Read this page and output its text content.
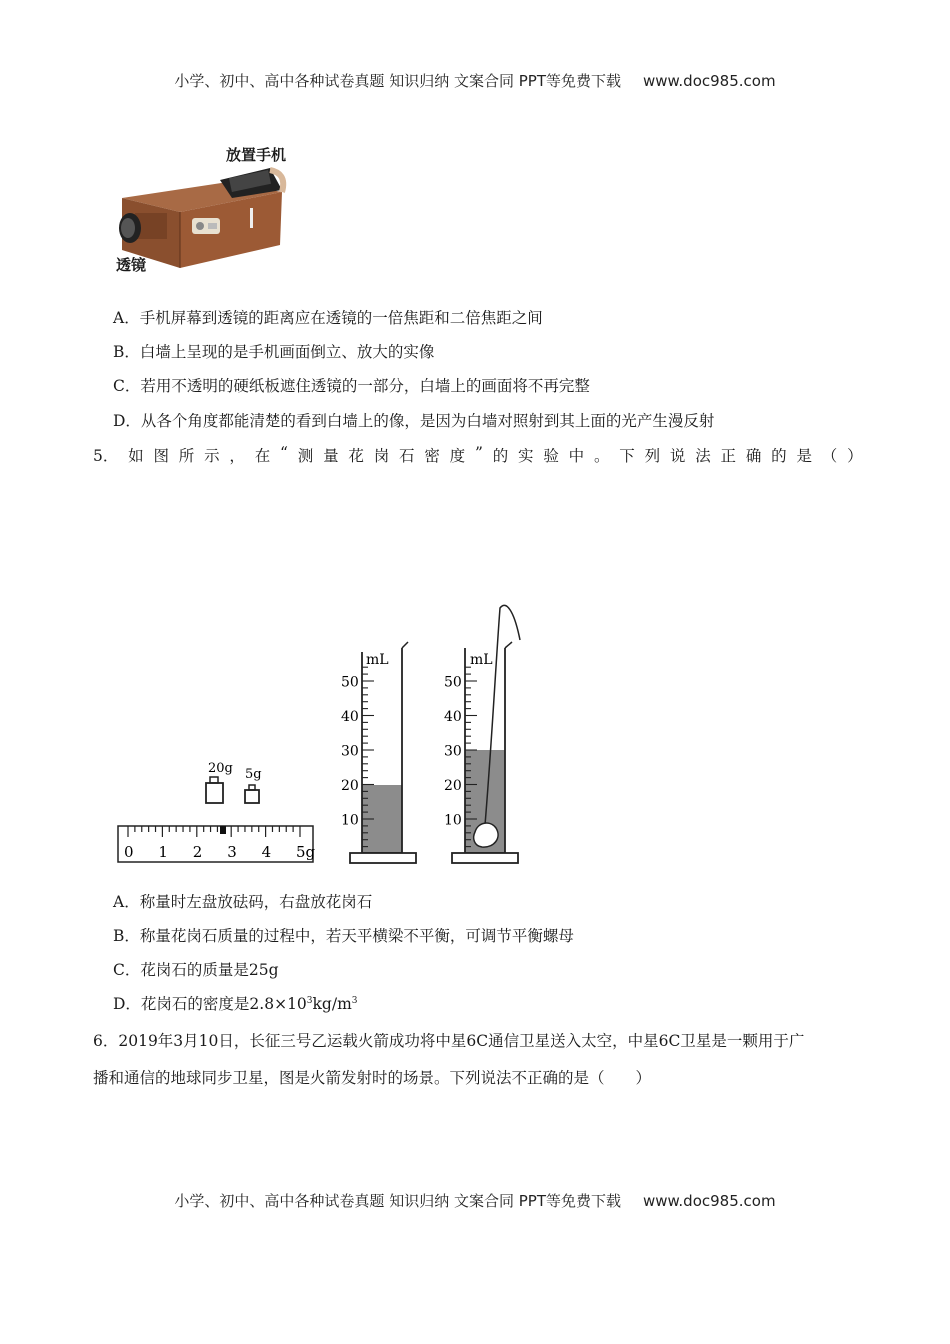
小学、初中、高中各种试卷真题 知识归纳 文案合同 PPT等免费下载 www.doc985.com
放置手机
透镜
A．手机屏幕到透镜的距离应在透镜的一倍焦距和二倍焦距之间
B．白墙上呈现的是手机画面倒立、放大的实像
C．若用不透明的硬纸板遮住透镜的一部分，白墙上的画面将不再完整
D．从各个角度都能清楚的看到白墙上的像，是因为白墙对照射到其上面的光产生漫反射
5． 如 图 所 示 ， 在 “ 测 量 花 岗 石 密 度 ” 的 实 验 中 。 下 列 说 法 正 确 的 是 （ ）
20g 5g
0 1 2 3 4 5g
mL
50
40
30
20
10
mL
50
40
30
20
10
A．称量时左盘放砝码，右盘放花岗石
B．称量花岗石质量的过程中，若天平横梁不平衡，可调节平衡螺母
C．花岗石的质量是25g
D．花岗石的密度是$2.8\times 10^3kg/m^3$
6．2019年3月10日，长征三号乙运载火箭成功将中星6C通信卫星送入太空，中星6C卫星是一颗用于广
播和通信的地球同步卫星，图是火箭发射时的场景。下列说法不正确的是（　　）
小学、初中、高中各种试卷真题 知识归纳 文案合同 PPT等免费下载 www.doc985.com
